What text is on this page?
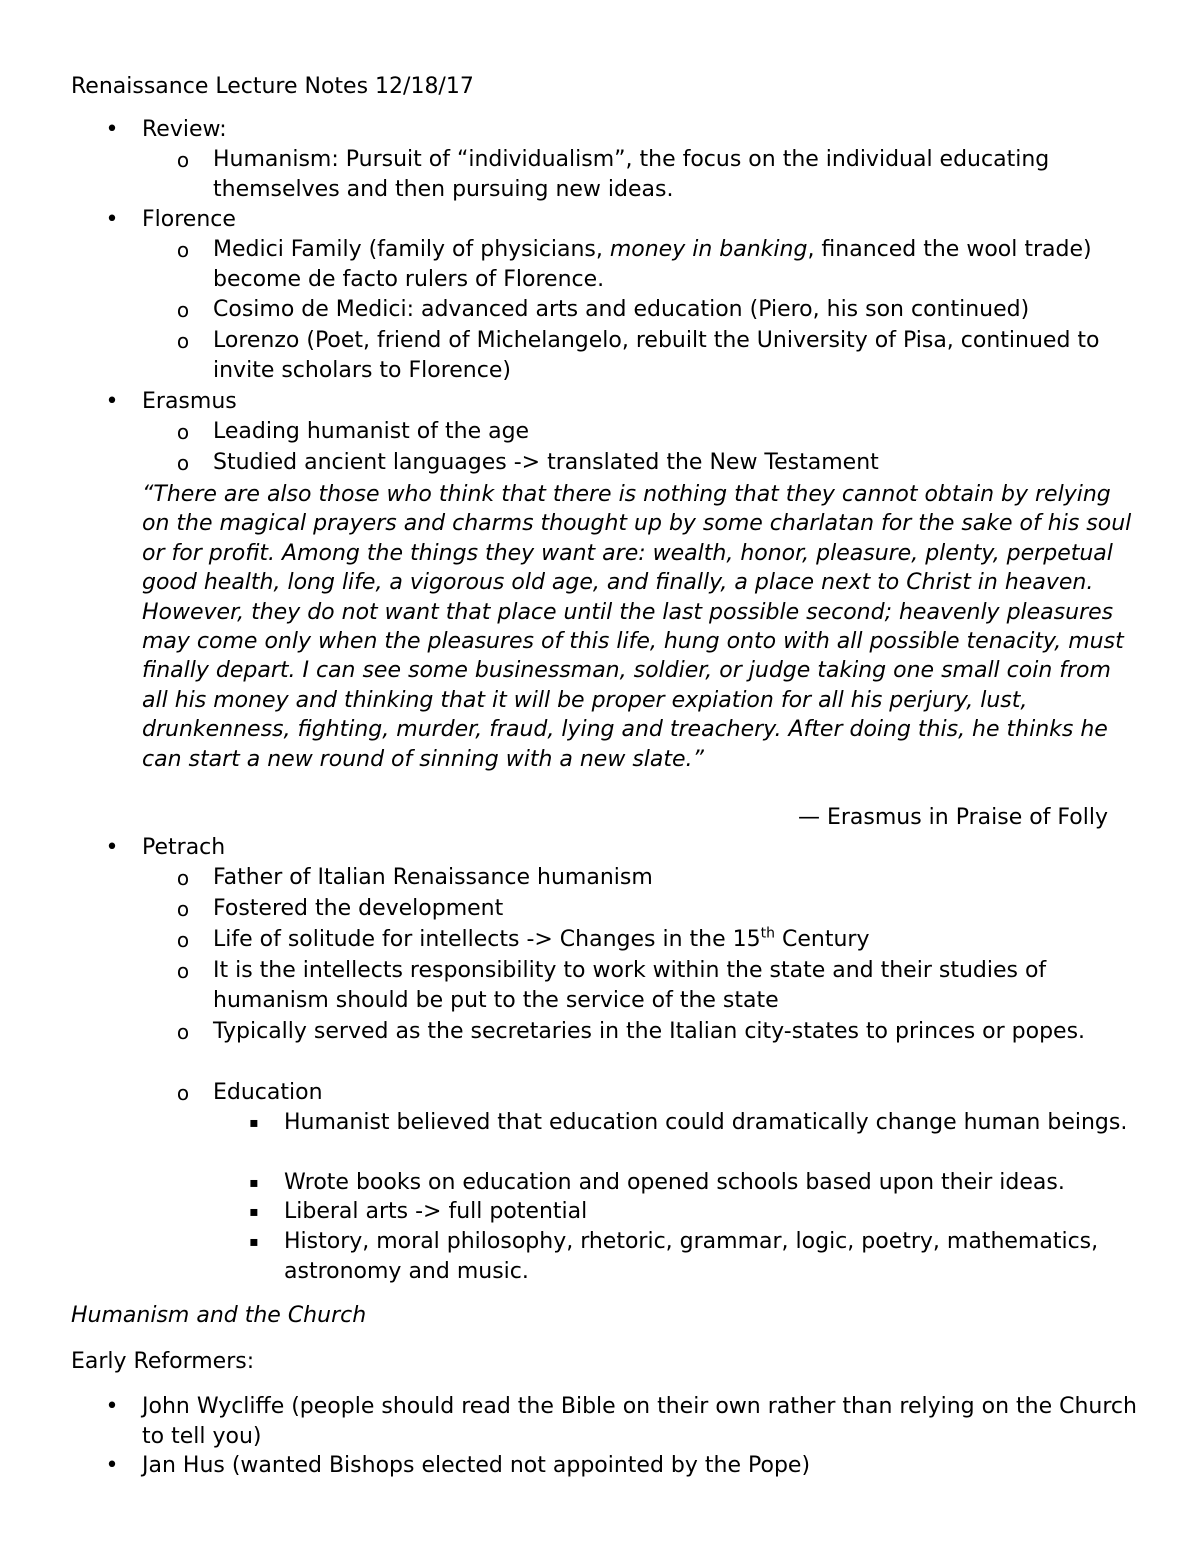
Renaissance Lecture Notes 12/18/17
• Review:
o Humanism: Pursuit of “individualism”, the focus on the individual educating themselves and then pursuing new ideas.
• Florence
o Medici Family (family of physicians, money in banking, financed the wool trade) become de facto rulers of Florence.
o Cosimo de Medici: advanced arts and education (Piero, his son continued)
o Lorenzo (Poet, friend of Michelangelo, rebuilt the University of Pisa, continued to invite scholars to Florence)
• Erasmus
o Leading humanist of the age
o Studied ancient languages -> translated the New Testament
“There are also those who think that there is nothing that they cannot obtain by relying on the magical prayers and charms thought up by some charlatan for the sake of his soul or for profit. Among the things they want are: wealth, honor, pleasure, plenty, perpetual good health, long life, a vigorous old age, and finally, a place next to Christ in heaven. However, they do not want that place until the last possible second; heavenly pleasures may come only when the pleasures of this life, hung onto with all possible tenacity, must finally depart. I can see some businessman, soldier, or judge taking one small coin from all his money and thinking that it will be proper expiation for all his perjury, lust, drunkenness, fighting, murder, fraud, lying and treachery. After doing this, he thinks he can start a new round of sinning with a new slate.”
— Erasmus in Praise of Folly
• Petrach
o Father of Italian Renaissance humanism
o Fostered the development
o Life of solitude for intellects -> Changes in the 15th Century
o It is the intellects responsibility to work within the state and their studies of humanism should be put to the service of the state
o Typically served as the secretaries in the Italian city-states to princes or popes.
o Education
▪ Humanist believed that education could dramatically change human beings.
▪ Wrote books on education and opened schools based upon their ideas.
▪ Liberal arts -> full potential
▪ History, moral philosophy, rhetoric, grammar, logic, poetry, mathematics, astronomy and music.
Humanism and the Church
Early Reformers:
• John Wycliffe (people should read the Bible on their own rather than relying on the Church to tell you)
• Jan Hus (wanted Bishops elected not appointed by the Pope)
